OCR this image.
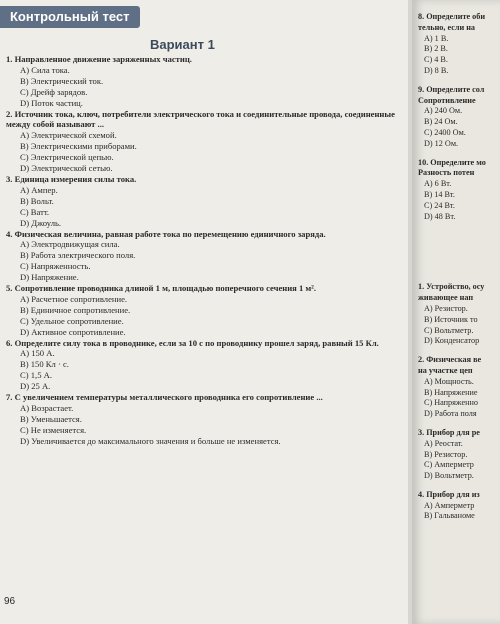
Контрольный тест
Вариант 1
1. Направленное движение заряженных частиц.
A) Сила тока.
B) Электрический ток.
C) Дрейф зарядов.
D) Поток частиц.
2. Источник тока, ключ, потребители электрического тока и соединительные провода, соединенные между собой называют ...
A) Электрической схемой.
B) Электрическими приборами.
C) Электрической цепью.
D) Электрической сетью.
3. Единица измерения силы тока.
A) Ампер.
B) Вольт.
C) Ватт.
D) Джоуль.
4. Физическая величина, равная работе тока по перемещению единичного заряда.
A) Электродвижущая сила.
B) Работа электрического поля.
C) Напряженность.
D) Напряжение.
5. Сопротивление проводника длиной 1 м, площадью поперечного сечения 1 м².
A) Расчетное сопротивление.
B) Единичное сопротивление.
C) Удельное сопротивление.
D) Активное сопротивление.
6. Определите силу тока в проводнике, если за 10 с по проводнику прошел заряд, равный 15 Кл.
A) 150 А.
B) 150 Кл · с.
C) 1,5 А.
D) 25 А.
7. С увеличением температуры металлического проводника его сопротивление ...
A) Возрастает.
B) Уменьшается.
C) Не изменяется.
D) Увеличивается до максимального значения и больше не изменяется.
96
8. Определите оби
тельно, если на
A) 1 В.
B) 2 В.
C) 4 В.
D) 8 В.
9. Определите сол
Сопротивление
A) 240 Ом.
B) 24 Ом.
C) 2400 Ом.
D) 12 Ом.
10. Определите мо
Разность потен
A) 6 Вт.
B) 14 Вт.
C) 24 Вт.
D) 48 Вт.
1. Устройство, осу
живающее нап
A) Резистор.
B) Источник то
C) Вольтметр.
D) Конденсатор
2. Физическая ве
на участке цеп
A) Мощность.
B) Напряжение
C) Напряженно
D) Работа поля
3. Прибор для ре
A) Реостат.
B) Резистор.
C) Амперметр
D) Вольтметр.
4. Прибор для из
A) Амперметр
B) Гальваноме
